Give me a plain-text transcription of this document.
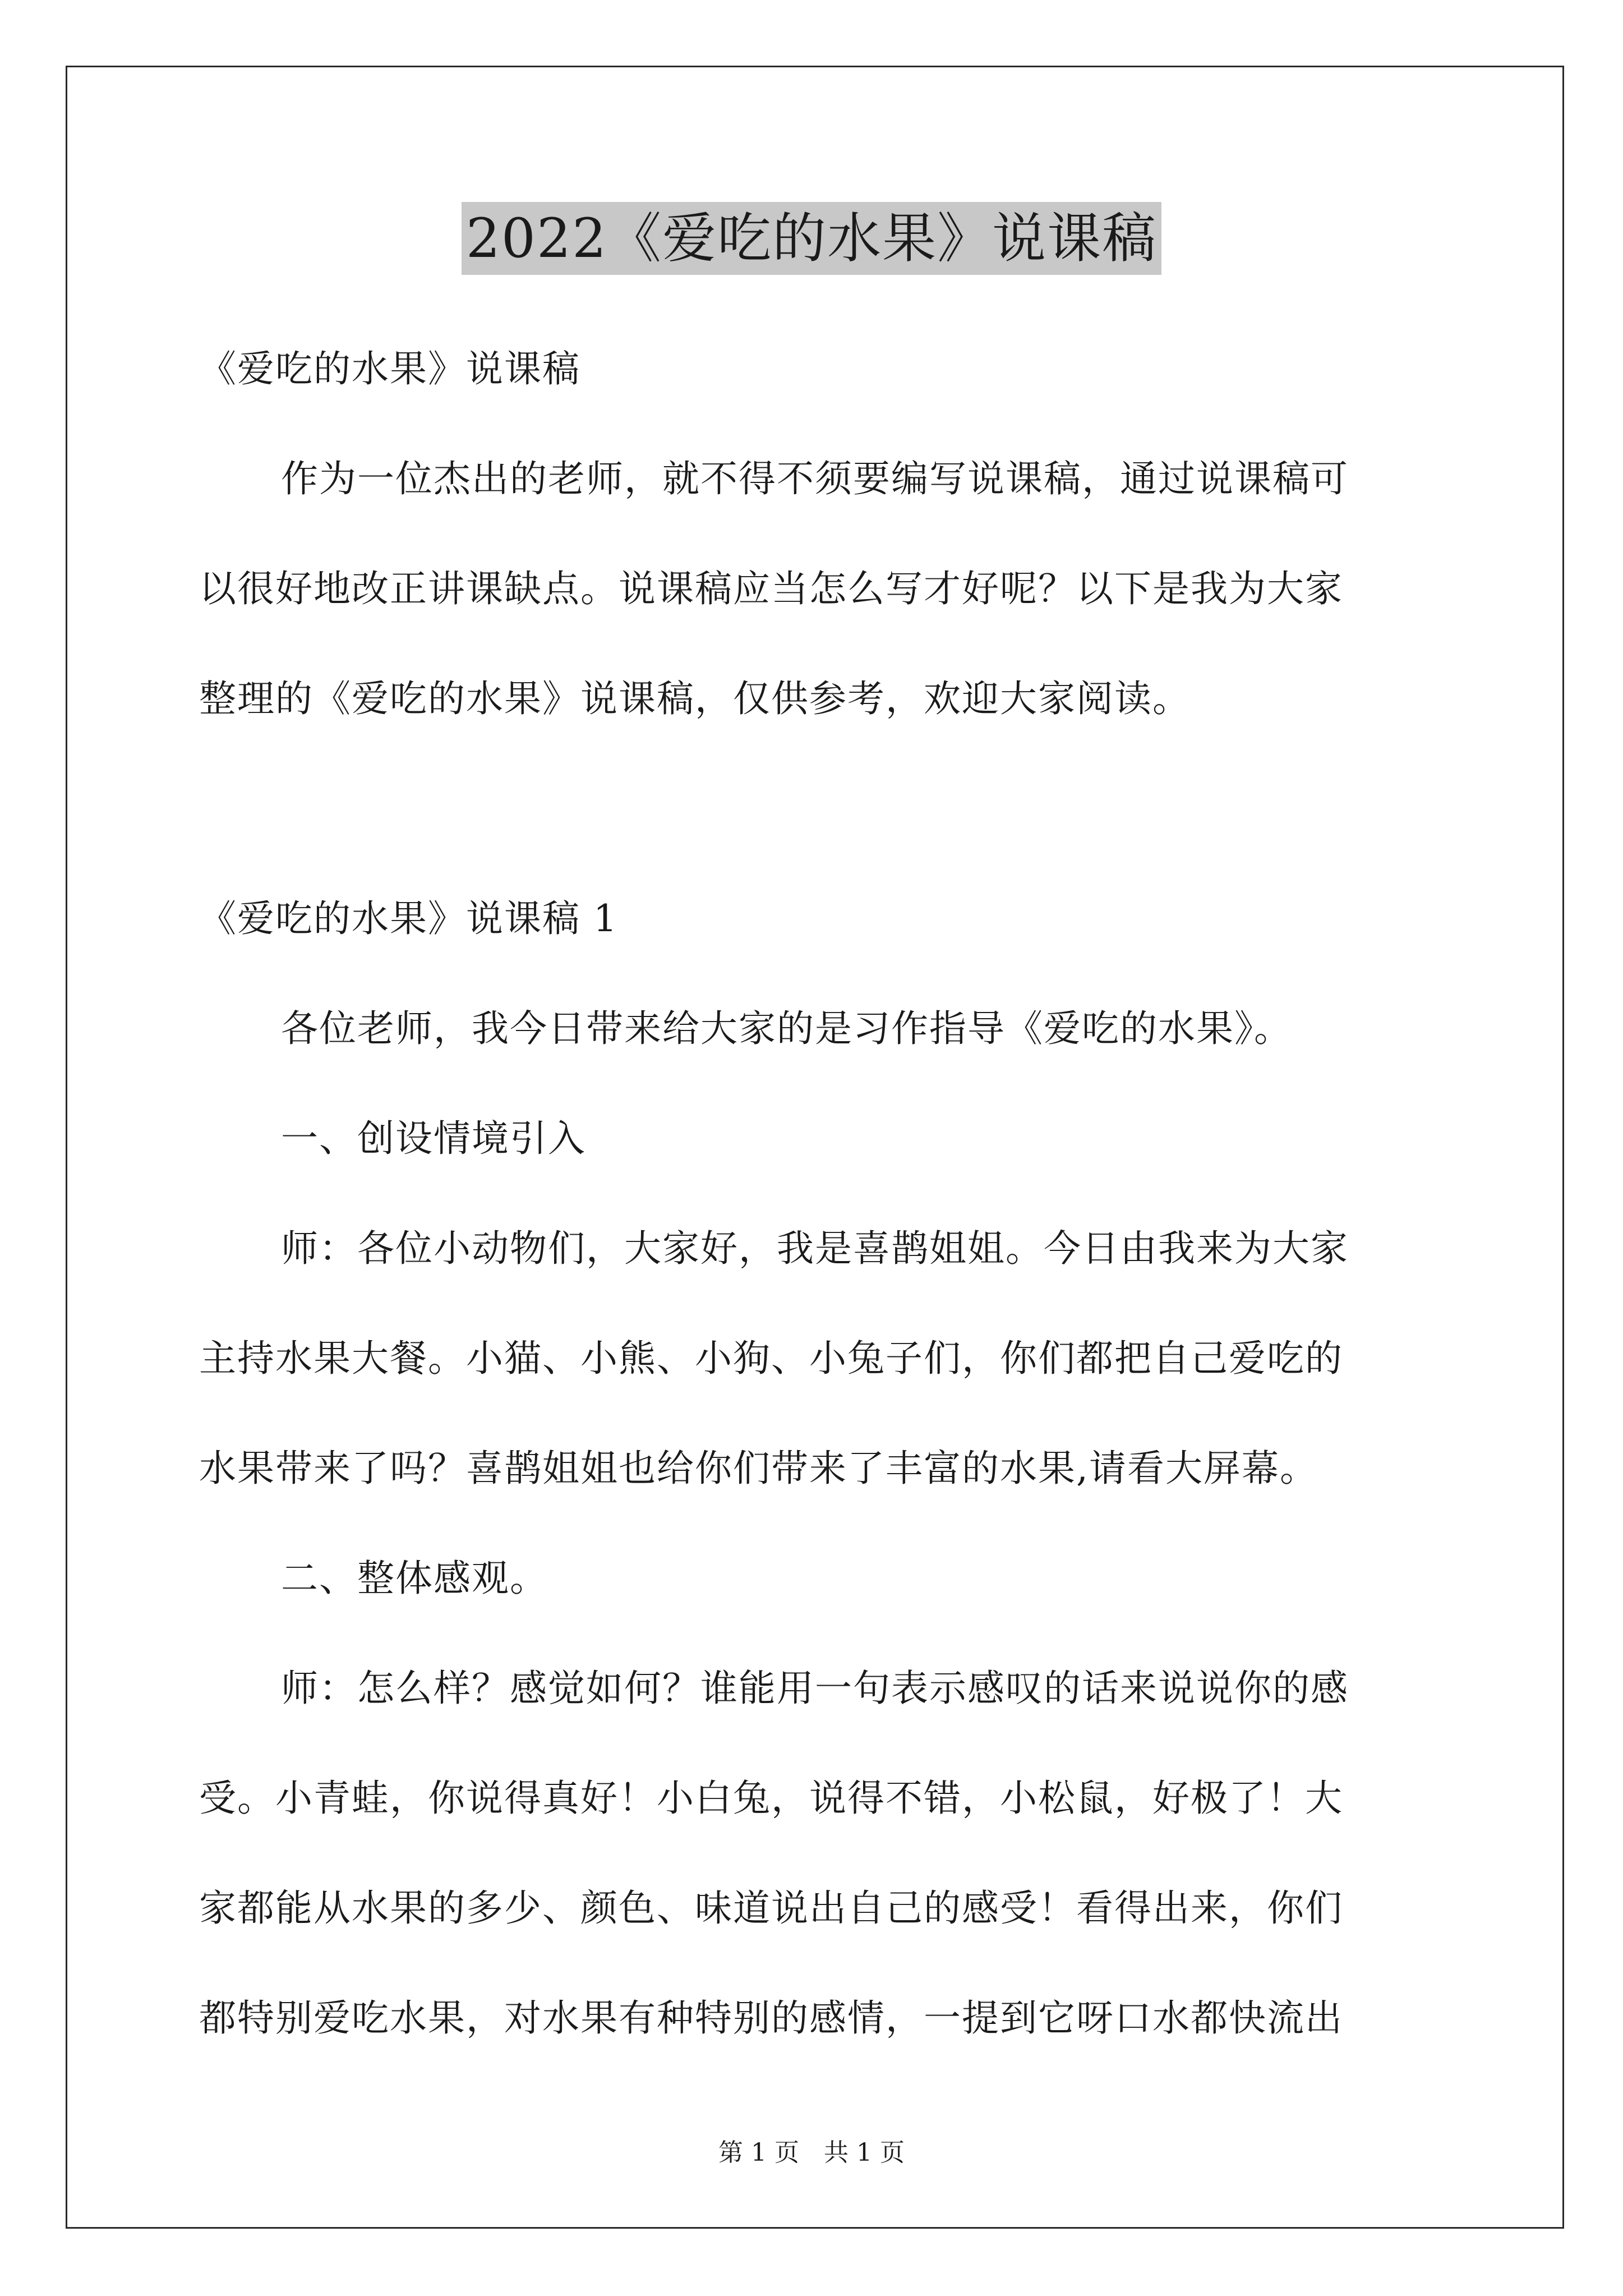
2022《爱吃的水果》说课稿

《爱吃的水果》说课稿

作为一位杰出的老师，就不得不须要编写说课稿，通过说课稿可

以很好地改正讲课缺点。说课稿应当怎么写才好呢？以下是我为大家

整理的《爱吃的水果》说课稿，仅供参考，欢迎大家阅读。

《爱吃的水果》说课稿 1

各位老师，我今日带来给大家的是习作指导《爱吃的水果》。

一、创设情境引入

师：各位小动物们，大家好，我是喜鹊姐姐。今日由我来为大家

主持水果大餐。小猫、小熊、小狗、小兔子们，你们都把自己爱吃的

水果带来了吗？喜鹊姐姐也给你们带来了丰富的水果,请看大屏幕。

二、整体感观。

师：怎么样？感觉如何？谁能用一句表示感叹的话来说说你的感

受。小青蛙，你说得真好！小白兔，说得不错，小松鼠，好极了！大

家都能从水果的多少、颜色、味道说出自己的感受！看得出来，你们

都特别爱吃水果，对水果有种特别的感情，一提到它呀口水都快流出

第 1 页 共 1 页
